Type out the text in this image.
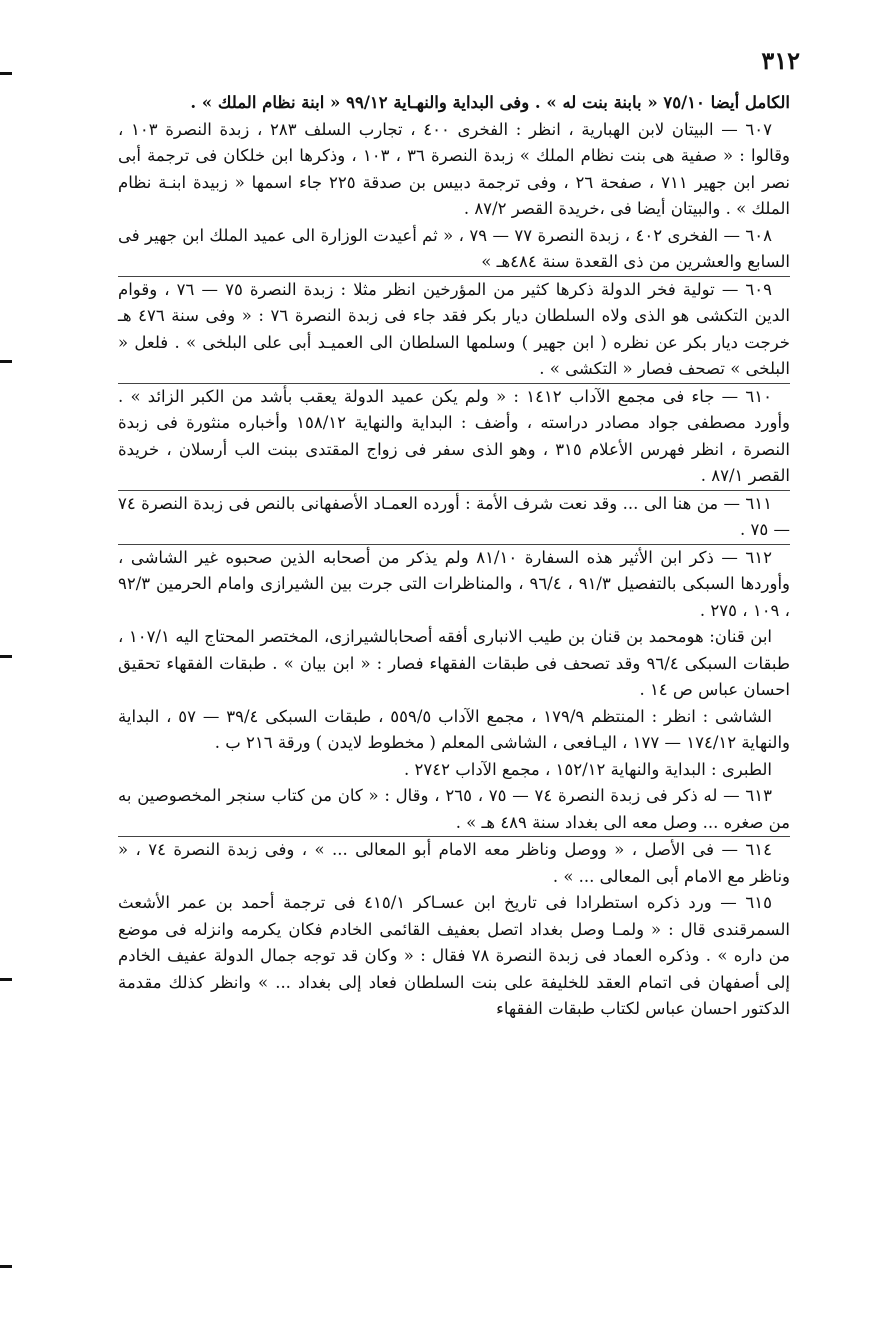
٣١٢

الكامل أيضا ٧٥/١٠ « بابنة بنت له » . وفى البداية والنهـاية ٩٩/١٢ « ابنة نظام الملك » .

٦٠٧ — البيتان لابن الهبارية ، انظر : الفخرى ٤٠٠ ، تجارب السلف ٢٨٣ ، زبدة النصرة ١٠٣ ، وقالوا : « صفية هى بنت نظام الملك » زبدة النصرة ٣٦ ، ١٠٣ ، وذكرها ابن خلكان فى ترجمة أبى نصر ابن جهير ٧١١ ، صفحة ٢٦ ، وفى ترجمة دبيس بن صدقة ٢٢٥ جاء اسمها « زبيدة ابنـة نظام الملك » . والبيتان أيضا فى ،خريدة القصر ٨٧/٢ .

٦٠٨ — الفخرى ٤٠٢ ، زبدة النصرة ٧٧ — ٧٩ ، « ثم أعيدت الوزارة الى عميد الملك ابن جهير فى السابع والعشرين من ذى القعدة سنة ٤٨٤هـ »

٦٠٩ — تولية فخر الدولة ذكرها كثير من المؤرخين انظر مثلا : زبدة النصرة ٧٥ — ٧٦ ، وقوام الدين التكشى هو الذى ولاه السلطان ديار بكر فقد جاء فى زبدة النصرة ٧٦ : « وفى سنة ٤٧٦ هـ خرجت ديار بكر عن نظره ( ابن جهير ) وسلمها السلطان الى العميـد أبى على البلخى » . فلعل « البلخى » تصحف فصار « التكشى » .

٦١٠ — جاء فى مجمع الآداب ١٤١٢ : « ولم يكن عميد الدولة يعقب بأشد من الكبر الزائد » . وأورد مصطفى جواد مصادر دراسته ، وأضف : البداية والنهاية ١٥٨/١٢ وأخباره منثورة فى زبدة النصرة ، انظر فهرس الأعلام ٣١٥ ، وهو الذى سفر فى زواج المقتدى ببنت الب أرسلان ، خريدة القصر ٨٧/١ .

٦١١ — من هنا الى ... وقد نعت شرف الأمة : أورده العمـاد الأصفهانى بالنص فى زبدة النصرة ٧٤ — ٧٥ .

٦١٢ — ذكر ابن الأثير هذه السفارة ٨١/١٠ ولم يذكر من أصحابه الذين صحبوه غير الشاشى ، وأوردها السبكى بالتفصيل ٩١/٣ ، ٩٦/٤ ، والمناظرات التى جرت بين الشيرازى وامام الحرمين ٩٢/٣ ، ١٠٩ ، ٢٧٥ .

ابن قنان: هومحمد بن قنان بن طيب الانبارى أفقه أصحابالشيرازى، المختصر المحتاج اليه ١٠٧/١ ، طبقات السبكى ٩٦/٤ وقد تصحف فى طبقات الفقهاء فصار : « ابن بيان » . طبقات الفقهاء تحقيق احسان عباس ص ١٤ .

الشاشى : انظر : المنتظم ١٧٩/٩ ، مجمع الآداب ٥٥٩/٥ ، طبقات السبكى ٣٩/٤ — ٥٧ ، البداية والنهاية ١٧٤/١٢ — ١٧٧ ، اليـافعى ، الشاشى المعلم ( مخطوط لايدن ) ورقة ٢١٦ ب .

الطبرى : البداية والنهاية ١٥٢/١٢ ، مجمع الآداب ٢٧٤٢ .

٦١٣ — له ذكر فى زبدة النصرة ٧٤ — ٧٥ ، ٢٦٥ ، وقال : « كان من كتاب سنجر المخصوصين به من صغره ... وصل معه الى بغداد سنة ٤٨٩ هـ » .

٦١٤ — فى الأصل ، « ووصل وناظر معه الامام أبو المعالى ... » ، وفى زبدة النصرة ٧٤ ، « وناظر مع الامام أبى المعالى ... » .

٦١٥ — ورد ذكره استطرادا فى تاريخ ابن عسـاكر ٤١٥/١ فى ترجمة أحمد بن عمر الأشعث السمرقندى قال : « ولمـا وصل بغداد اتصل بعفيف القائمى الخادم فكان يكرمه وانزله فى موضع من داره » . وذكره العماد فى زبدة النصرة ٧٨ فقال : « وكان قد توجه جمال الدولة عفيف الخادم إلى أصفهان فى اتمام العقد للخليفة على بنت السلطان فعاد إلى بغداد ... » وانظر كذلك مقدمة الدكتور احسان عباس لكتاب طبقات الفقهاء
